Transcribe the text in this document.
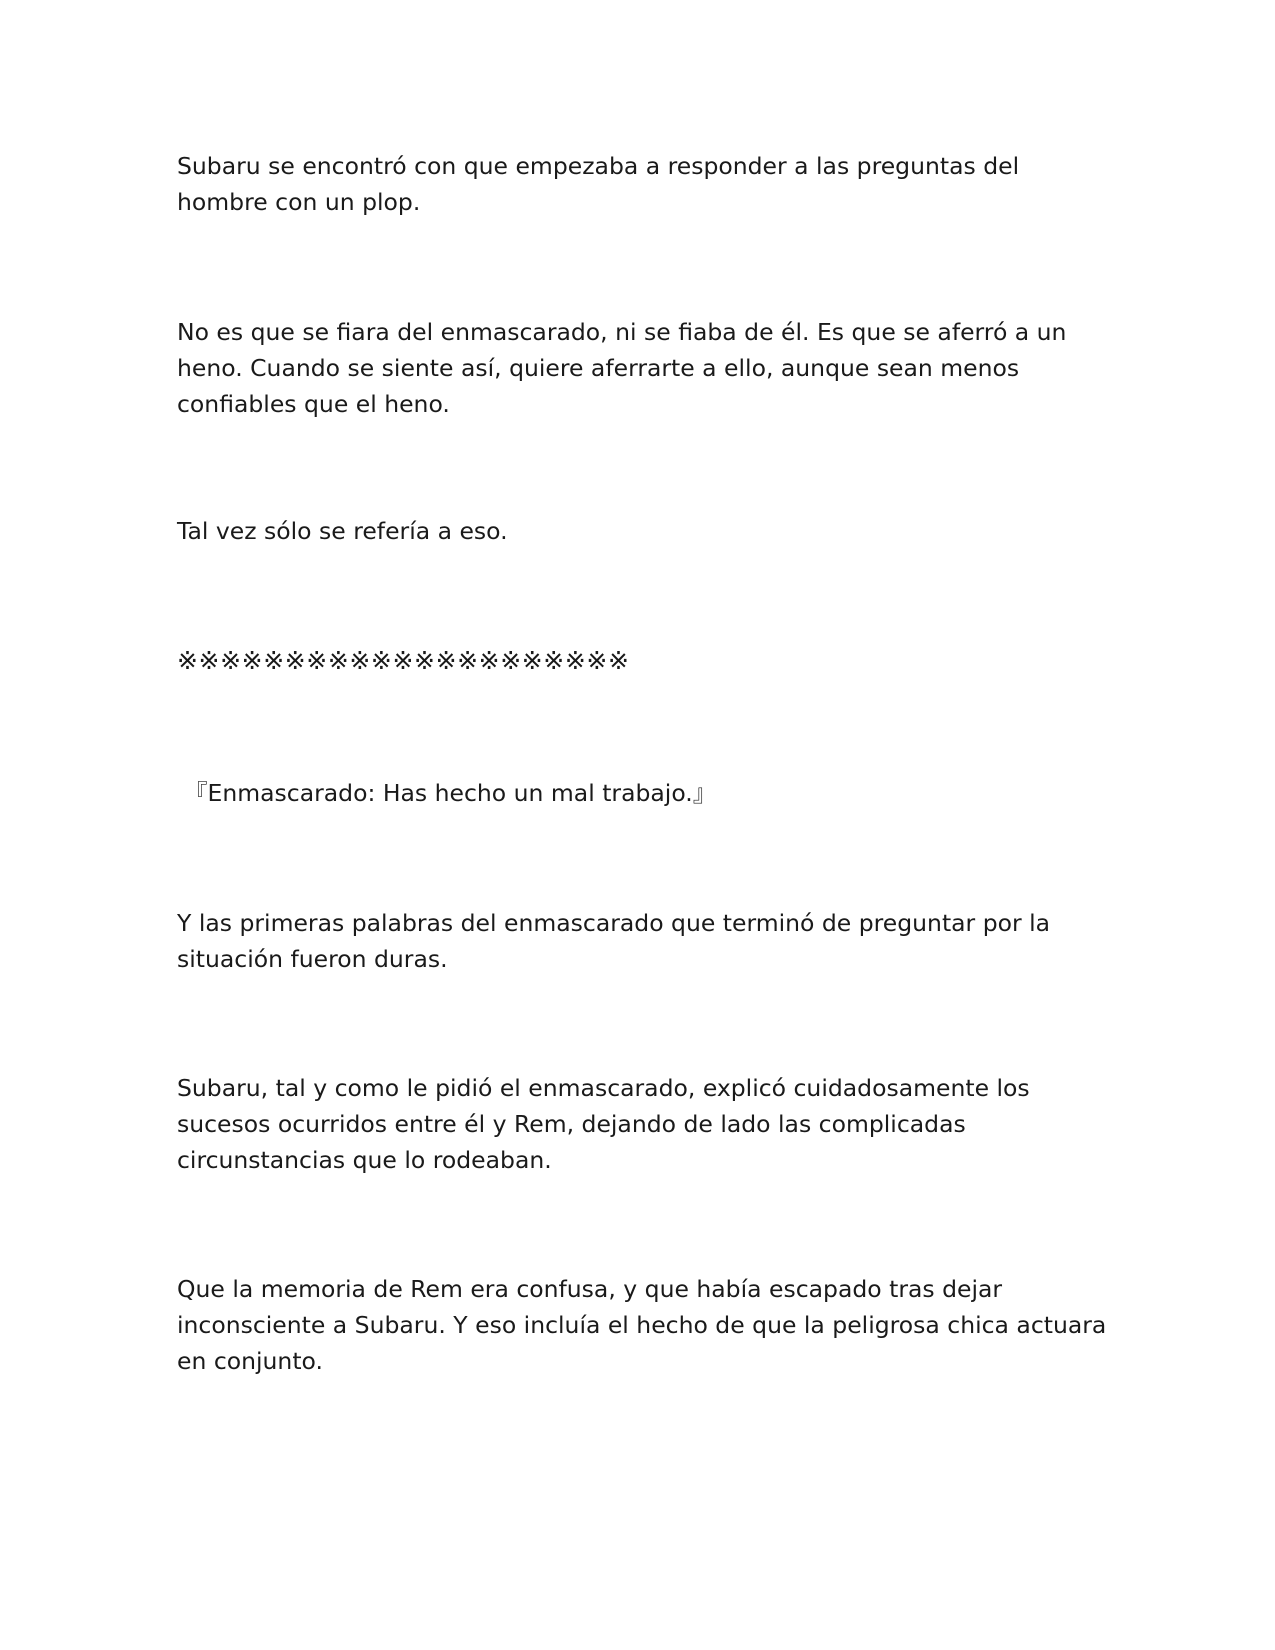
Subaru se encontró con que empezaba a responder a las preguntas del hombre con un plop.

No es que se fiara del enmascarado, ni se fiaba de él. Es que se aferró a un heno. Cuando se siente así, quiere aferrarte a ello, aunque sean menos confiables que el heno.

Tal vez sólo se refería a eso.

※※※※※※※※※※※※※※※※※※※※※

『Enmascarado: Has hecho un mal trabajo.』

Y las primeras palabras del enmascarado que terminó de preguntar por la situación fueron duras.

Subaru, tal y como le pidió el enmascarado, explicó cuidadosamente los sucesos ocurridos entre él y Rem, dejando de lado las complicadas circunstancias que lo rodeaban.

Que la memoria de Rem era confusa, y que había escapado tras dejar inconsciente a Subaru. Y eso incluía el hecho de que la peligrosa chica actuara en conjunto.
